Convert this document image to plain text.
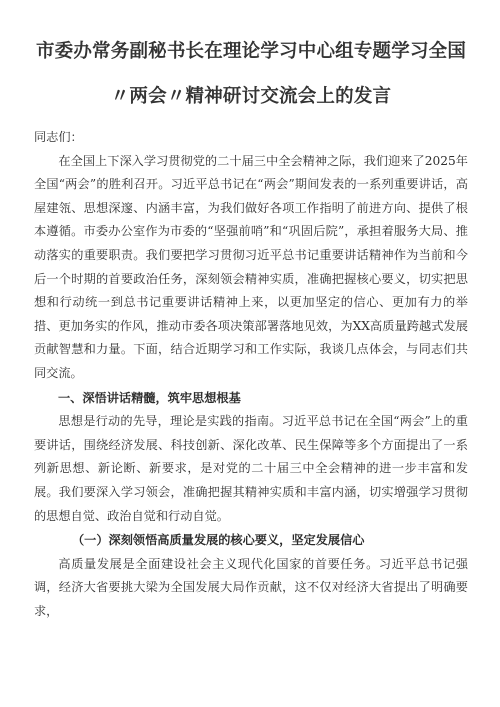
市委办常务副秘书长在理论学习中心组专题学习全国
〃两会〃精神研讨交流会上的发言

同志们：

在全国上下深入学习贯彻党的二十届三中全会精神之际，我们迎来了2025年全国“两会”的胜利召开。习近平总书记在“两会”期间发表的一系列重要讲话，高屋建瓴、思想深邃、内涵丰富，为我们做好各项工作指明了前进方向、提供了根本遵循。市委办公室作为市委的“坚强前哨”和“巩固后院”，承担着服务大局、推动落实的重要职责。我们要把学习贯彻习近平总书记重要讲话精神作为当前和今后一个时期的首要政治任务，深刻领会精神实质，准确把握核心要义，切实把思想和行动统一到总书记重要讲话精神上来，以更加坚定的信心、更加有力的举措、更加务实的作风，推动市委各项决策部署落地见效，为XX高质量跨越式发展贡献智慧和力量。下面，结合近期学习和工作实际，我谈几点体会，与同志们共同交流。

一、深悟讲话精髓，筑牢思想根基

思想是行动的先导，理论是实践的指南。习近平总书记在全国“两会”上的重要讲话，围绕经济发展、科技创新、深化改革、民生保障等多个方面提出了一系列新思想、新论断、新要求，是对党的二十届三中全会精神的进一步丰富和发展。我们要深入学习领会，准确把握其精神实质和丰富内涵，切实增强学习贯彻的思想自觉、政治自觉和行动自觉。

（一）深刻领悟高质量发展的核心要义，坚定发展信心

高质量发展是全面建设社会主义现代化国家的首要任务。习近平总书记强调，经济大省要挑大梁为全国发展大局作贡献，这不仅对经济大省提出了明确要求，
